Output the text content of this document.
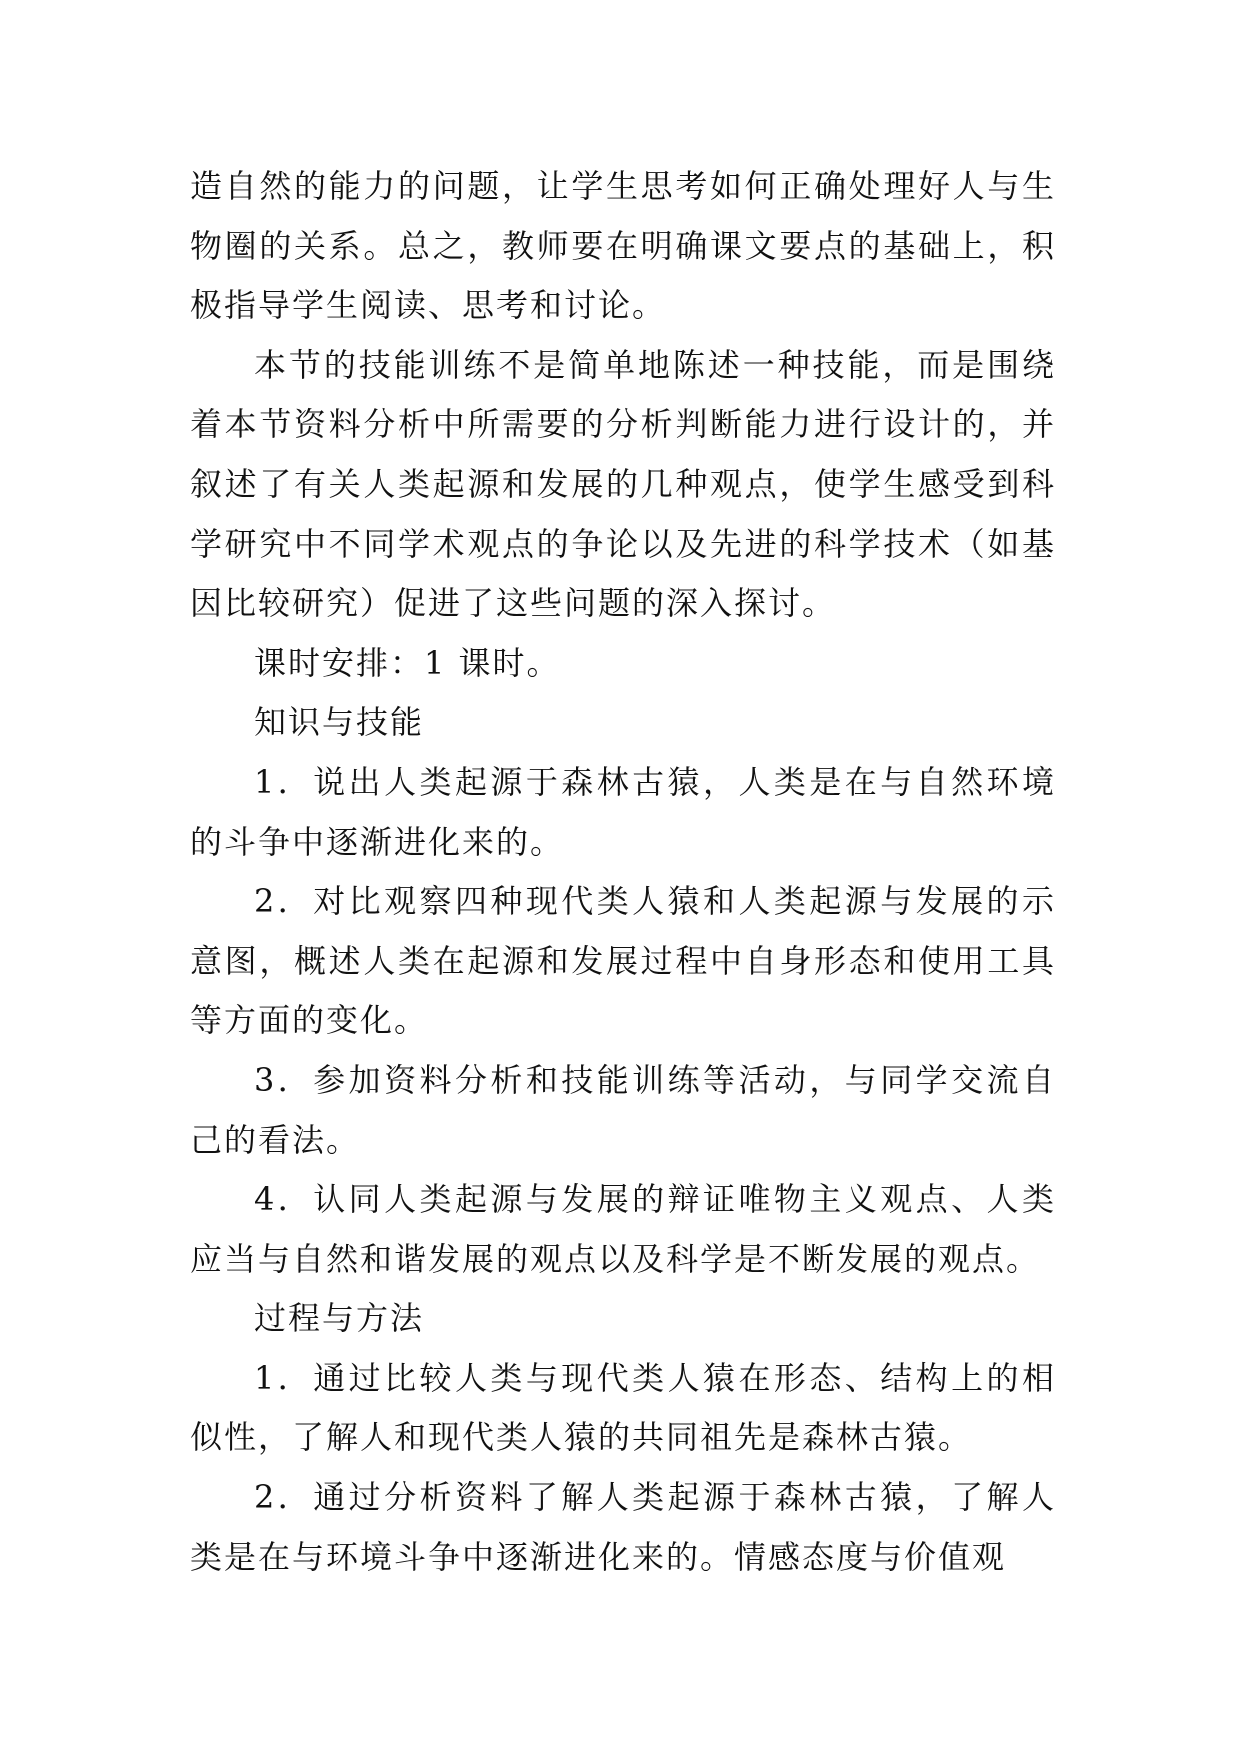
造自然的能力的问题，让学生思考如何正确处理好人与生物圈的关系。总之，教师要在明确课文要点的基础上，积极指导学生阅读、思考和讨论。

本节的技能训练不是简单地陈述一种技能，而是围绕着本节资料分析中所需要的分析判断能力进行设计的，并叙述了有关人类起源和发展的几种观点，使学生感受到科学研究中不同学术观点的争论以及先进的科学技术（如基因比较研究）促进了这些问题的深入探讨。

课时安排：1 课时。

知识与技能

1．说出人类起源于森林古猿，人类是在与自然环境的斗争中逐渐进化来的。

2．对比观察四种现代类人猿和人类起源与发展的示意图，概述人类在起源和发展过程中自身形态和使用工具等方面的变化。

3．参加资料分析和技能训练等活动，与同学交流自己的看法。

4．认同人类起源与发展的辩证唯物主义观点、人类应当与自然和谐发展的观点以及科学是不断发展的观点。

过程与方法

1．通过比较人类与现代类人猿在形态、结构上的相似性，了解人和现代类人猿的共同祖先是森林古猿。

2．通过分析资料了解人类起源于森林古猿，了解人类是在与环境斗争中逐渐进化来的。情感态度与价值观
